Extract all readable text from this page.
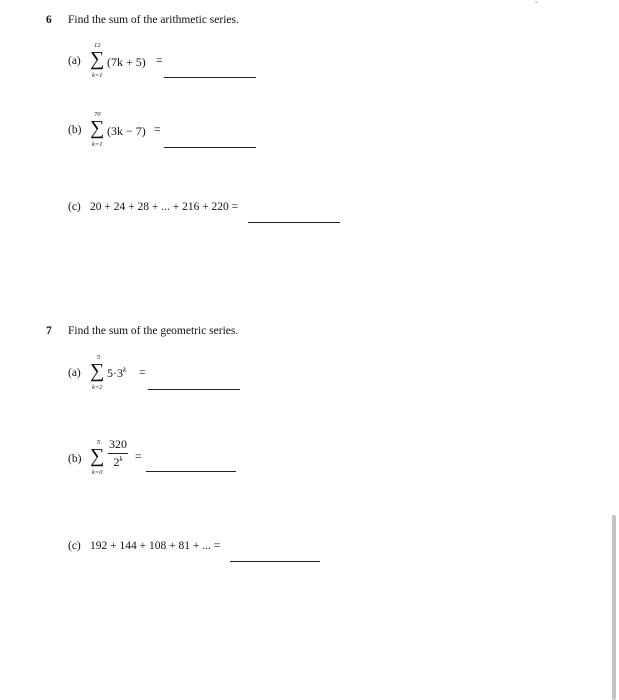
˜
6 Find the sum of the arithmetic series.
(a)
12
∑
k=1
(7k + 5) =
(b)
70
∑
k=1
(3k − 7) =
(c) 20 + 24 + 28 + ... + 216 + 220 =
7 Find the sum of the geometric series.
(a)
5
∑
k=2
$5\cdot 3^k$ =
(b)
5
∑
k=0
320
$2^k$	=
(c) 192 + 144 + 108 + 81 + ... =
